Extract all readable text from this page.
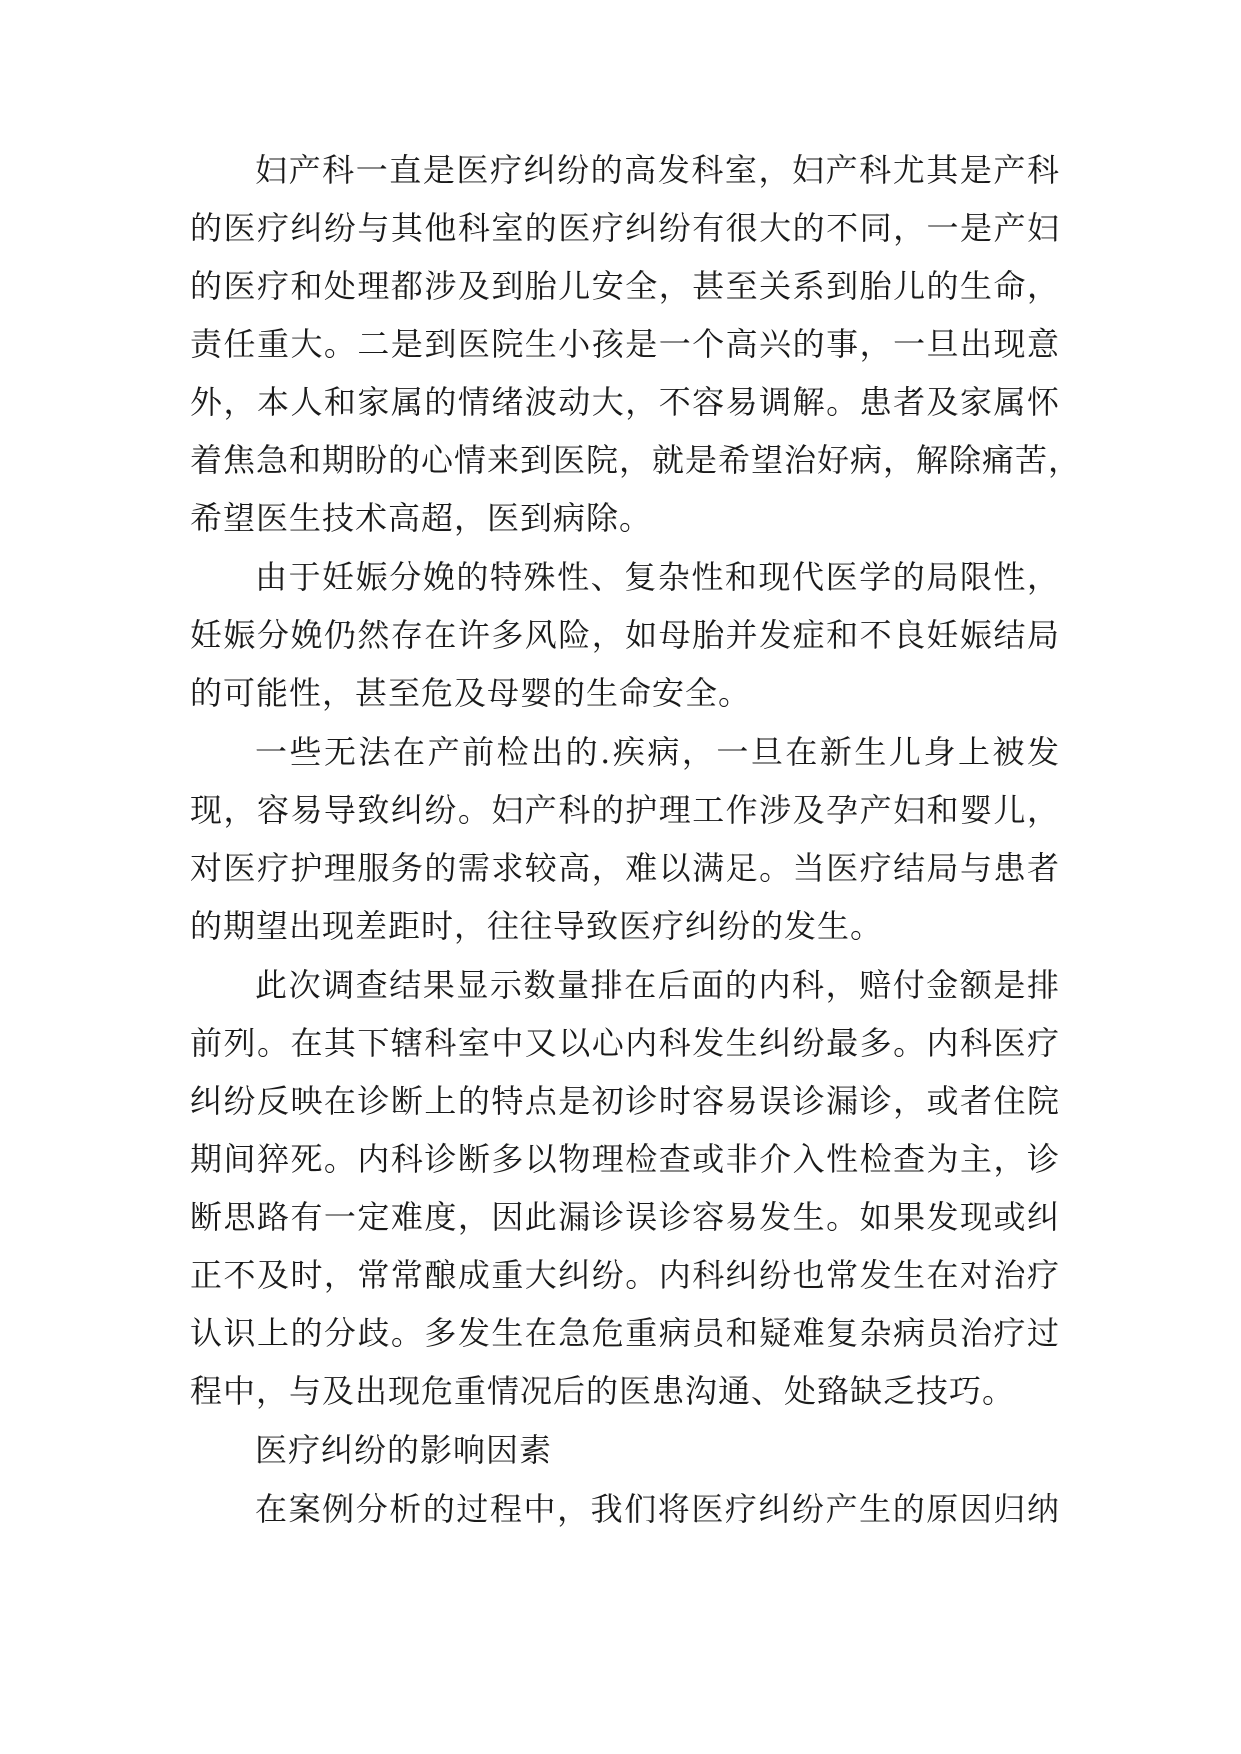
妇产科一直是医疗纠纷的高发科室，妇产科尤其是产科
的医疗纠纷与其他科室的医疗纠纷有很大的不同，一是产妇
的医疗和处理都涉及到胎儿安全，甚至关系到胎儿的生命，
责任重大。二是到医院生小孩是一个高兴的事，一旦出现意
外，本人和家属的情绪波动大，不容易调解。患者及家属怀
着焦急和期盼的心情来到医院，就是希望治好病，解除痛苦，
希望医生技术高超，医到病除。
由于妊娠分娩的特殊性、复杂性和现代医学的局限性，
妊娠分娩仍然存在许多风险，如母胎并发症和不良妊娠结局
的可能性，甚至危及母婴的生命安全。
一些无法在产前检出的.疾病，一旦在新生儿身上被发
现，容易导致纠纷。妇产科的护理工作涉及孕产妇和婴儿，
对医疗护理服务的需求较高，难以满足。当医疗结局与患者
的期望出现差距时，往往导致医疗纠纷的发生。
此次调查结果显示数量排在后面的内科，赔付金额是排
前列。在其下辖科室中又以心内科发生纠纷最多。内科医疗
纠纷反映在诊断上的特点是初诊时容易误诊漏诊，或者住院
期间猝死。内科诊断多以物理检查或非介入性检查为主，诊
断思路有一定难度，因此漏诊误诊容易发生。如果发现或纠
正不及时，常常酿成重大纠纷。内科纠纷也常发生在对治疗
认识上的分歧。多发生在急危重病员和疑难复杂病员治疗过
程中，与及出现危重情况后的医患沟通、处臵缺乏技巧。
医疗纠纷的影响因素
在案例分析的过程中，我们将医疗纠纷产生的原因归纳
